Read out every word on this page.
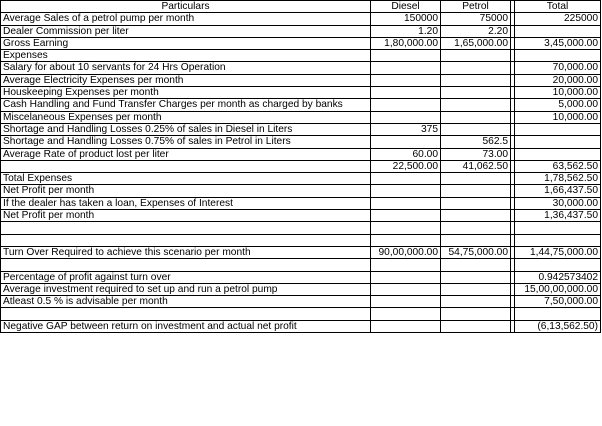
Particulars	Diesel	Petrol		Total
Average Sales of a petrol pump per month	150000	75000		225000
Dealer Commission per liter	1.20	2.20		
Gross Earning	1,80,000.00	1,65,000.00		3,45,000.00
Expenses				
Salary for about 10 servants for 24 Hrs Operation				70,000.00
Average Electricity Expenses per month				20,000.00
Houskeeping Expenses per month				10,000.00
Cash Handling and Fund Transfer Charges per month as charged by banks				5,000.00
Miscelaneous Expenses per month				10,000.00
Shortage and Handling Losses 0.25% of sales in Diesel in Liters	375			
Shortage and Handling Losses 0.75% of sales in Petrol in Liters		562.5		
Average Rate of product lost per liter	60.00	73.00		
	22,500.00	41,062.50		63,562.50
Total Expenses				1,78,562.50
Net Profit per month				1,66,437.50
If the dealer has taken a loan, Expenses of Interest				30,000.00
Net Profit per month				1,36,437.50

Turn Over Required to achieve this scenario per month	90,00,000.00	54,75,000.00		1,44,75,000.00

Percentage of profit against turn over				0.942573402
Average investment required to set up and run a petrol pump				15,00,00,000.00
Atleast 0.5 % is advisable per month				7,50,000.00

Negative GAP between return on investment and actual net profit				(6,13,562.50)
